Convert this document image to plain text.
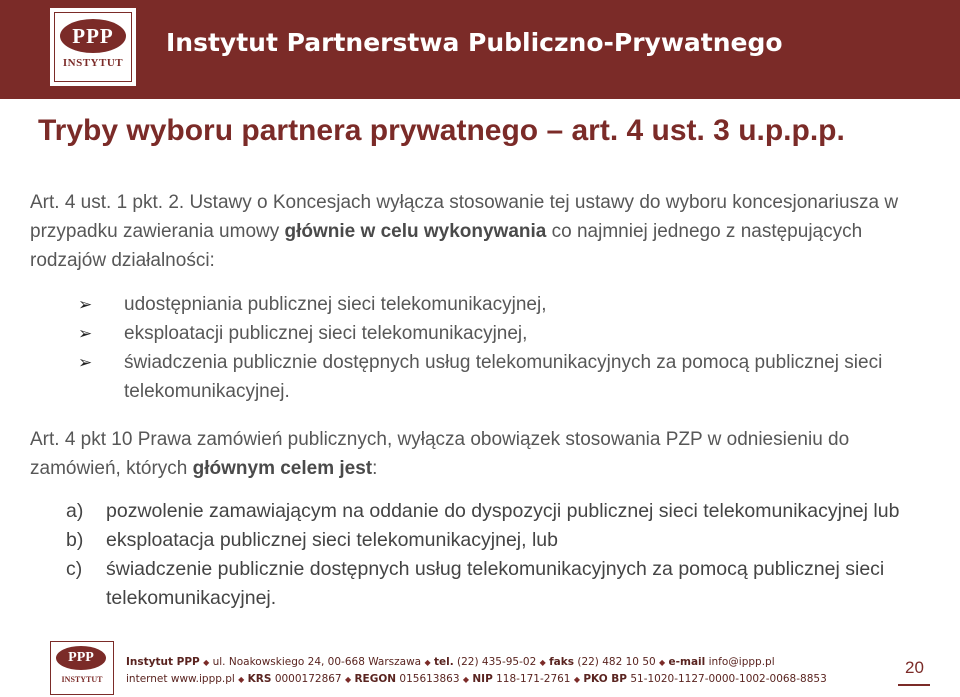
PPP
INSTYTUT
Instytut Partnerstwa Publiczno-Prywatnego
Tryby wyboru partnera prywatnego – art. 4 ust. 3 u.p.p.p.
Art. 4 ust. 1 pkt. 2. Ustawy o Koncesjach wyłącza stosowanie tej ustawy do wyboru koncesjonariusza w przypadku zawierania umowy głównie w celu wykonywania co najmniej jednego z następujących rodzajów działalności:
➢ udostępniania publicznej sieci telekomunikacyjnej,
➢ eksploatacji publicznej sieci telekomunikacyjnej,
➢ świadczenia publicznie dostępnych usług telekomunikacyjnych za pomocą publicznej sieci telekomunikacyjnej.
Art. 4 pkt 10 Prawa zamówień publicznych, wyłącza obowiązek stosowania PZP w odniesieniu do zamówień, których głównym celem jest:
a) pozwolenie zamawiającym na oddanie do dyspozycji publicznej sieci telekomunikacyjnej lub
b) eksploatacja publicznej sieci telekomunikacyjnej, lub
c) świadczenie publicznie dostępnych usług telekomunikacyjnych za pomocą publicznej sieci telekomunikacyjnej.
PPP
INSTYTUT
Instytut PPP ◆ ul. Noakowskiego 24, 00-668 Warszawa ◆ tel. (22) 435-95-02 ◆ faks (22) 482 10 50 ◆ e-mail info@ippp.pl
internet www.ippp.pl ◆ KRS 0000172867 ◆ REGON 015613863 ◆ NIP 118-171-2761 ◆ PKO BP 51-1020-1127-0000-1002-0068-8853
20
